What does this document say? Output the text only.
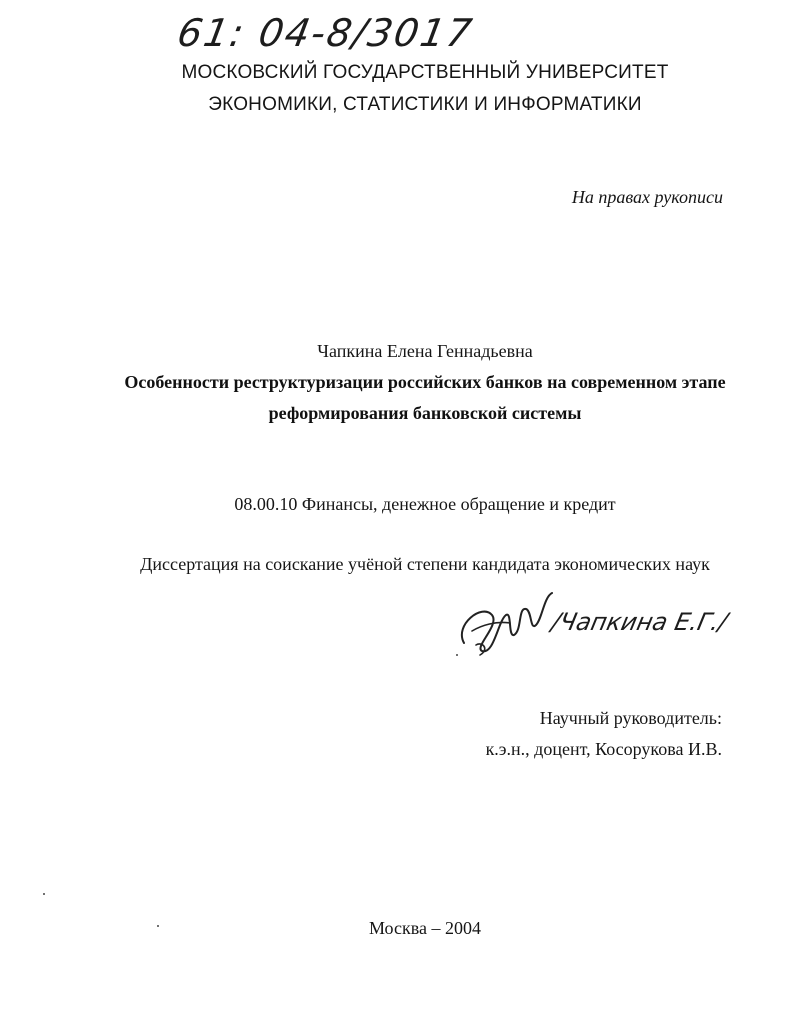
61: 04-8/3017
МОСКОВСКИЙ ГОСУДАРСТВЕННЫЙ УНИВЕРСИТЕТ
ЭКОНОМИКИ, СТАТИСТИКИ И ИНФОРМАТИКИ
На правах рукописи
Чапкина Елена Геннадьевна
Особенности реструктуризации российских банков на современном этапе
реформирования банковской системы
08.00.10 Финансы, денежное обращение и кредит
Диссертация на соискание учёной степени кандидата экономических наук
/Чапкина Е.Г./
Научный руководитель:
к.э.н., доцент, Косорукова И.В.
Москва – 2004
